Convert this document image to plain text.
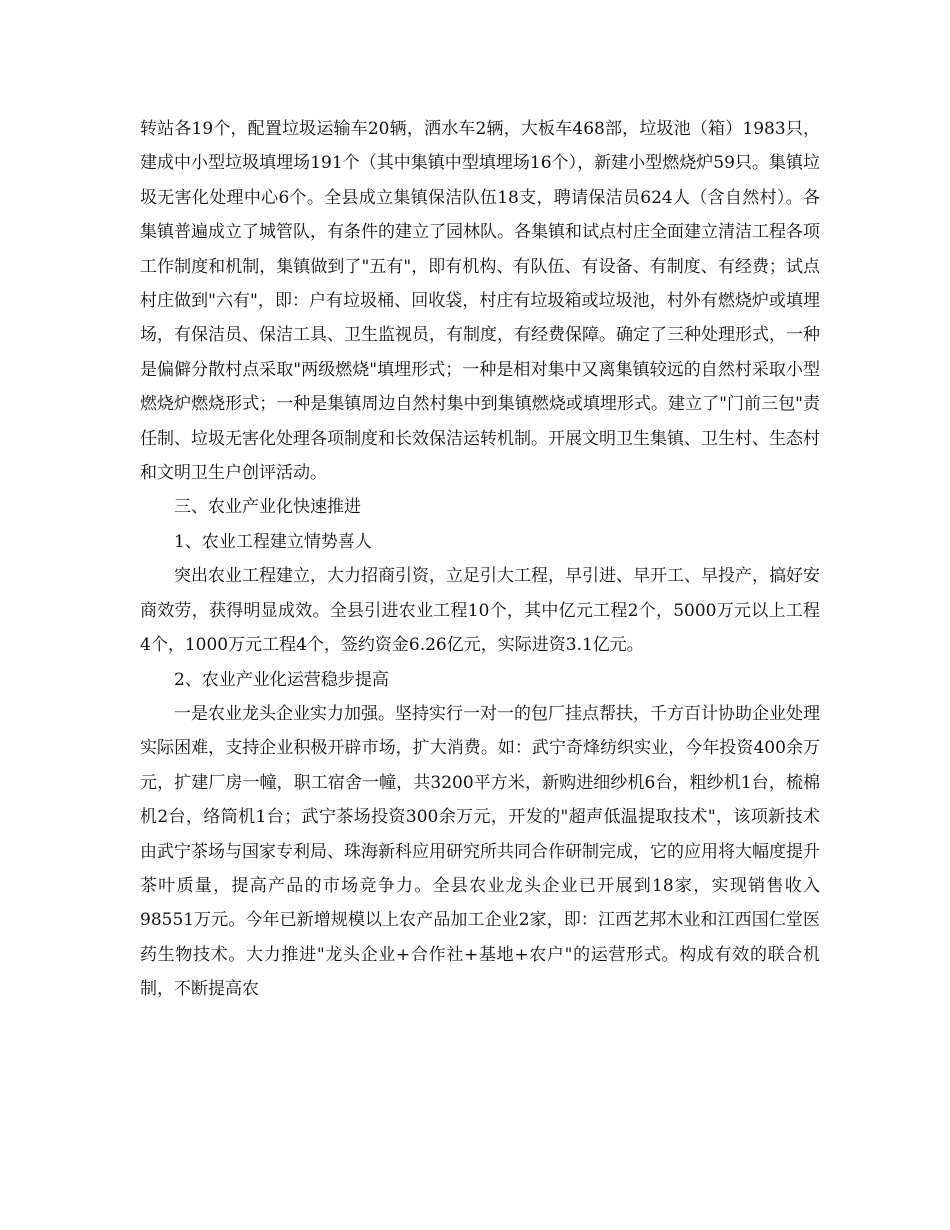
转站各19个，配置垃圾运输车20辆，洒水车2辆，大板车468部，垃圾池（箱）1983只，建成中小型垃圾填埋场191个（其中集镇中型填埋场16个），新建小型燃烧炉59只。集镇垃圾无害化处理中心6个。全县成立集镇保洁队伍18支，聘请保洁员624人（含自然村）。各集镇普遍成立了城管队，有条件的建立了园林队。各集镇和试点村庄全面建立清洁工程各项工作制度和机制，集镇做到了"五有"，即有机构、有队伍、有设备、有制度、有经费；试点村庄做到"六有"，即：户有垃圾桶、回收袋，村庄有垃圾箱或垃圾池，村外有燃烧炉或填埋场，有保洁员、保洁工具、卫生监视员，有制度，有经费保障。确定了三种处理形式，一种是偏僻分散村点采取"两级燃烧"填埋形式；一种是相对集中又离集镇较远的自然村采取小型燃烧炉燃烧形式；一种是集镇周边自然村集中到集镇燃烧或填埋形式。建立了"门前三包"责任制、垃圾无害化处理各项制度和长效保洁运转机制。开展文明卫生集镇、卫生村、生态村和文明卫生户创评活动。

三、农业产业化快速推进

1、农业工程建立情势喜人

突出农业工程建立，大力招商引资，立足引大工程，早引进、早开工、早投产，搞好安商效劳，获得明显成效。全县引进农业工程10个，其中亿元工程2个，5000万元以上工程4个，1000万元工程4个，签约资金6.26亿元，实际进资3.1亿元。

2、农业产业化运营稳步提高

一是农业龙头企业实力加强。坚持实行一对一的包厂挂点帮扶，千方百计协助企业处理实际困难，支持企业积极开辟市场，扩大消费。如：武宁奇烽纺织实业，今年投资400余万元，扩建厂房一幢，职工宿舍一幢，共3200平方米，新购进细纱机6台，粗纱机1台，梳棉机2台，络筒机1台；武宁茶场投资300余万元，开发的"超声低温提取技术"，该项新技术由武宁茶场与国家专利局、珠海新科应用研究所共同合作研制完成，它的应用将大幅度提升茶叶质量，提高产品的市场竞争力。全县农业龙头企业已开展到18家，实现销售收入98551万元。今年已新增规模以上农产品加工企业2家，即：江西艺邦木业和江西国仁堂医药生物技术。大力推进"龙头企业+合作社+基地+农户"的运营形式。构成有效的联合机制，不断提高农
